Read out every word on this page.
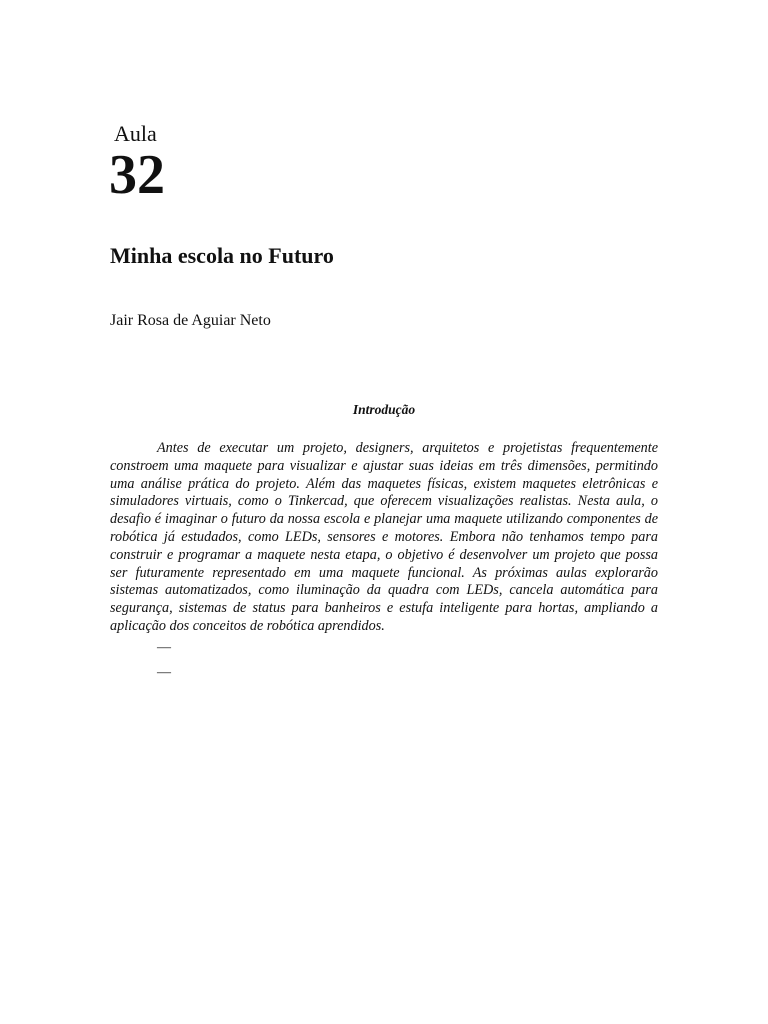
Aula
32
Minha escola no Futuro
Jair Rosa de Aguiar Neto
Introdução

Antes de executar um projeto, designers, arquitetos e projetistas frequentemente constroem uma maquete para visualizar e ajustar suas ideias em três dimensões, permitindo uma análise prática do projeto. Além das maquetes físicas, existem maquetes eletrônicas e simuladores virtuais, como o Tinkercad, que oferecem visualizações realistas. Nesta aula, o desafio é imaginar o futuro da nossa escola e planejar uma maquete utilizando componentes de robótica já estudados, como LEDs, sensores e motores. Embora não tenhamos tempo para construir e programar a maquete nesta etapa, o objetivo é desenvolver um projeto que possa ser futuramente representado em uma maquete funcional. As próximas aulas explorarão sistemas automatizados, como iluminação da quadra com LEDs, cancela automática para segurança, sistemas de status para banheiros e estufa inteligente para hortas, ampliando a aplicação dos conceitos de robótica aprendidos.

—
—
